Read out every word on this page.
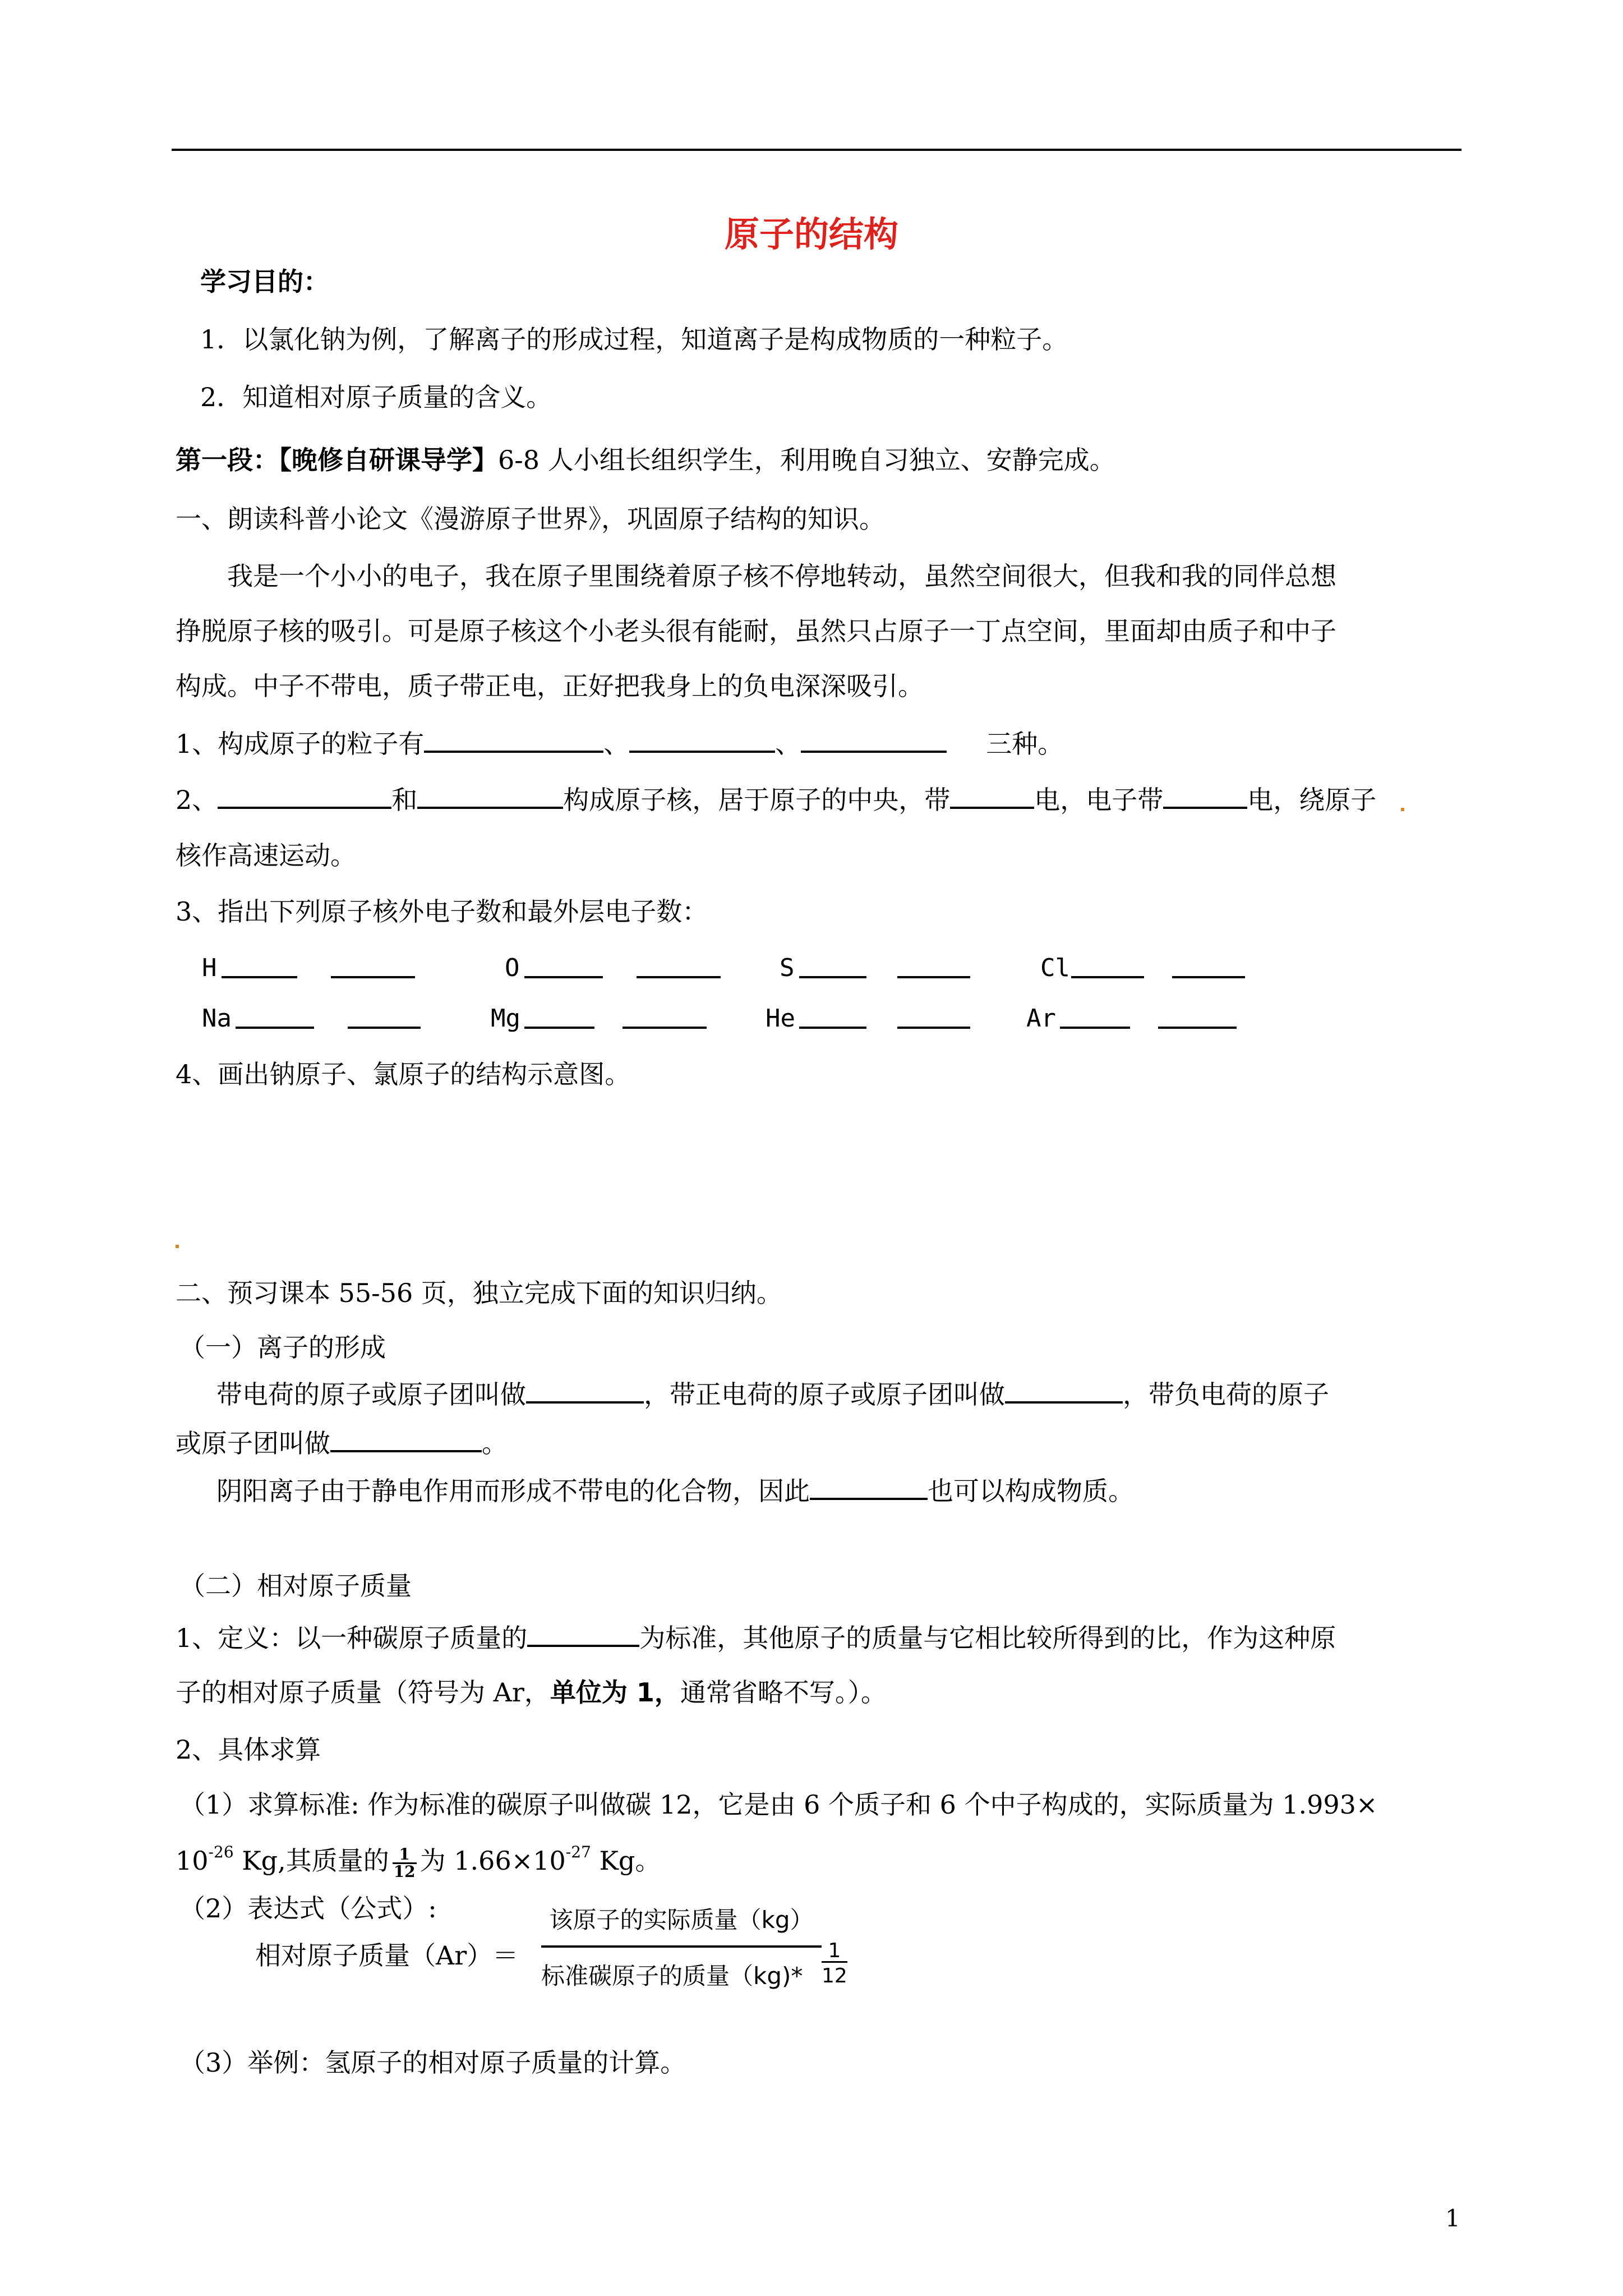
原子的结构
学习目的：
1．以氯化钠为例，了解离子的形成过程，知道离子是构成物质的一种粒子。
2．知道相对原子质量的含义。
第一段：【晚修自研课导学】6-8 人小组长组织学生，利用晚自习独立、安静完成。
一、朗读科普小论文《漫游原子世界》，巩固原子结构的知识。
　　我是一个小小的电子，我在原子里围绕着原子核不停地转动，虽然空间很大，但我和我的同伴总想
挣脱原子核的吸引。可是原子核这个小老头很有能耐，虽然只占原子一丁点空间，里面却由质子和中子
构成。中子不带电，质子带正电，正好把我身上的负电深深吸引。
1、构成原子的粒子有	、	、	三种。
2、	和	构成原子核，居于原子的中央，带	电，电子带	电，绕原子
核作高速运动。
3、指出下列原子核外电子数和最外层电子数：
H	O	S	Cl
Na	Mg	He	Ar
4、画出钠原子、氯原子的结构示意图。
二、预习课本 55-56 页，独立完成下面的知识归纳。
（一）离子的形成
　带电荷的原子或原子团叫做	，带正电荷的原子或原子团叫做	，带负电荷的原子
或原子团叫做	。
　阴阳离子由于静电作用而形成不带电的化合物，因此	也可以构成物质。
（二）相对原子质量
1、定义：以一种碳原子质量的	为标准，其他原子的质量与它相比较所得到的比，作为这种原
子的相对原子质量（符号为 Ar，单位为 1，通常省略不写。）。
2、具体求算
（1）求算标准: 作为标准的碳原子叫做碳 12，它是由 6 个质子和 6 个中子构成的，实际质量为 1.993×
$10^{-26}$ Kg,其质量的 $\frac{1}{12}$ 为 $1.66\times 10^{-27}$ Kg。
（2）表达式（公式）:
相对原子质量（Ar）＝
该原子的实际质量（kg）
标准碳原子的质量$(kg)* \frac{1}{12}$
（3）举例：氢原子的相对原子质量的计算。
1
